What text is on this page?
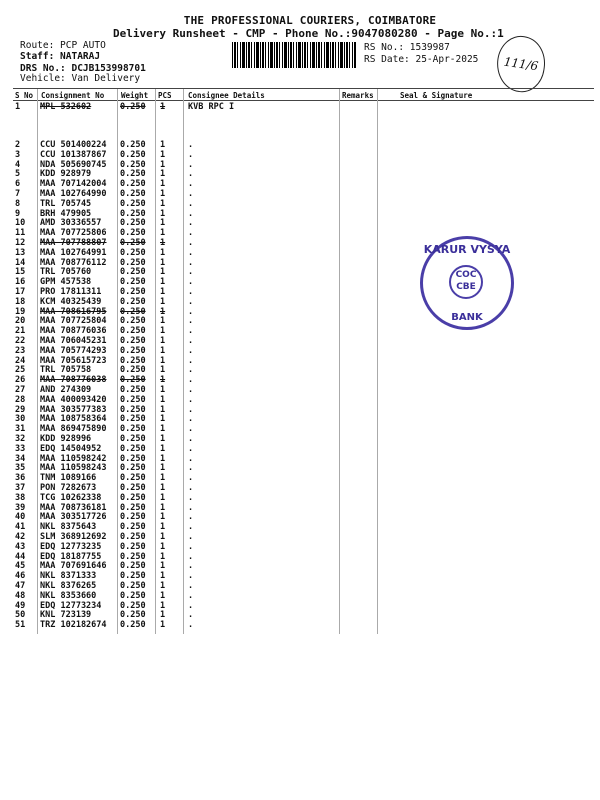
THE PROFESSIONAL COURIERS, COIMBATORE
Delivery Runsheet - CMP - Phone No.:9047080280 - Page No.:1
Route: PCP AUTO
Staff: NATARAJ
DRS No.: DCJB153998701
Vehicle: Van Delivery
RS No.: 1539987
RS Date: 25-Apr-2025	111/6
S No Consignment No Weight PCS Consignee Details	Remarks	Seal & Signature
1 MPL 532602	0.250 1	KVB RPC I
2 CCU 501400224 0.250 1	.
3 CCU 101387867 0.250 1	.
4 NDA 505690745 0.250 1	.
5 KDD 928979	0.250 1	.
6 MAA 707142004 0.250 1	.
7 MAA 102764990 0.250 1	.
8 TRL 705745	0.250 1	.
9 BRH 479905	0.250 1	.
10 AMD 30336557 0.250 1	.
11 MAA 707725806 0.250 1	.
12 MAA 707788807 0.250 1	.
13 MAA 102764991 0.250 1	.
14 MAA 708776112 0.250 1	.
15 TRL 705760	0.250 1	.
16 GPM 457538	0.250 1	.
17 PRO 17811311 0.250 1	.
18 KCM 40325439 0.250 1	.
19 MAA 708616795 0.250 1	.
20 MAA 707725804 0.250 1	.
21 MAA 708776036 0.250 1	.
22 MAA 706045231 0.250 1	.
23 MAA 705774293 0.250 1	.
24 MAA 705615723 0.250 1	.
25 TRL 705758	0.250 1	.
26 MAA 708776038 0.250 1	.
27 AND 274309	0.250 1	.
28 MAA 400093420 0.250 1	.
29 MAA 303577383 0.250 1	.
30 MAA 108758364 0.250 1	.
31 MAA 869475890 0.250 1	.
32 KDD 928996	0.250 1	.
33 EDQ 14504952 0.250 1	.
34 MAA 110598242 0.250 1	.
35 MAA 110598243 0.250 1	.
36 TNM 1089166	0.250 1	.
37 PON 7282673	0.250 1	.
38 TCG 10262338 0.250 1	.
39 MAA 708736181 0.250 1	.
40 MAA 303517726 0.250 1	.
41 NKL 8375643	0.250 1	.
42 SLM 368912692 0.250 1	.
43 EDQ 12773235 0.250 1	.
44 EDQ 18187755 0.250 1	.
45 MAA 707691646 0.250 1	.
46 NKL 8371333	0.250 1	.
47 NKL 8376265	0.250 1	.
48 NKL 8353660	0.250 1	.
49 EDQ 12773234 0.250 1	.
50 KNL 723139	0.250 1	.
51 TRZ 102182674 0.250 1	.
KARUR VYSYA
COC
CBE
BANK
